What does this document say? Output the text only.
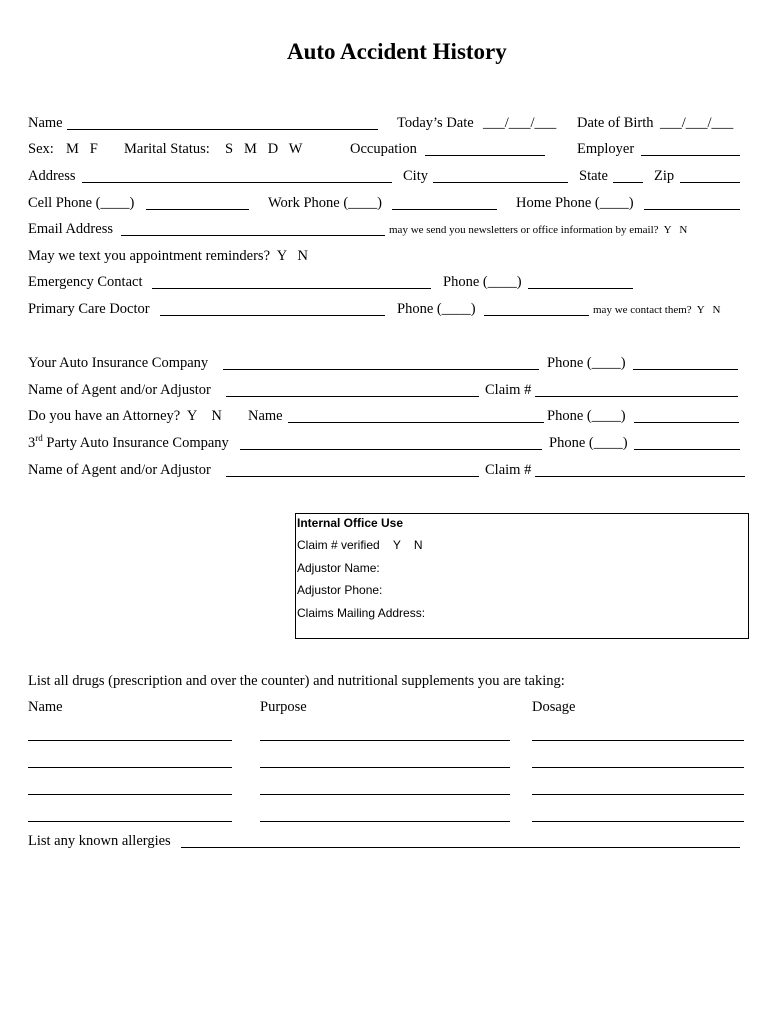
Auto Accident History
Name	Today’s Date ___/___/___ Date of Birth ___/___/___
Sex: M   F Marital Status: S   M   D   W	Occupation	Employer
Address	City	State	Zip
Cell Phone (____)	Work Phone (____)	Home Phone (____)
Email Address	may we send you newsletters or office information by email?  Y   N
May we text you appointment reminders?  Y   N
Emergency Contact	Phone (____)
Primary Care Doctor	Phone (____)	may we contact them?  Y   N
Your Auto Insurance Company	Phone (____)
Name of Agent and/or Adjustor	Claim #
Do you have an Attorney?  Y    N Name	Phone (____)
3rd Party Auto Insurance Company	Phone (____)
Name of Agent and/or Adjustor	Claim #
Internal Office Use
Claim # verified    Y    N
Adjustor Name:
Adjustor Phone:
Claims Mailing Address:
List all drugs (prescription and over the counter) and nutritional supplements you are taking:
Name	Purpose	Dosage
List any known allergies
